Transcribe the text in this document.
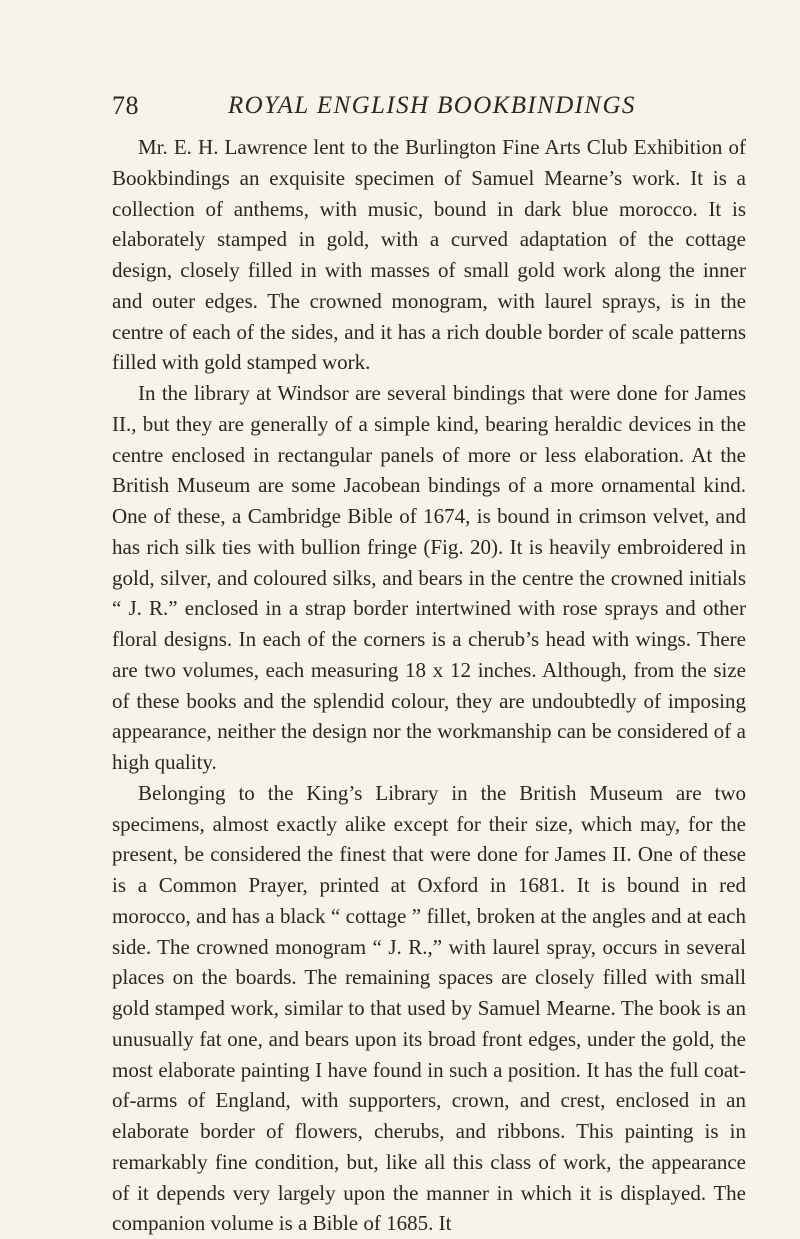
78	ROYAL ENGLISH BOOKBINDINGS

Mr. E. H. Lawrence lent to the Burlington Fine Arts Club Exhibition of Bookbindings an exquisite specimen of Samuel Mearne’s work. It is a collection of anthems, with music, bound in dark blue morocco. It is elaborately stamped in gold, with a curved adaptation of the cottage design, closely filled in with masses of small gold work along the inner and outer edges. The crowned monogram, with laurel sprays, is in the centre of each of the sides, and it has a rich double border of scale patterns filled with gold stamped work.

In the library at Windsor are several bindings that were done for James II., but they are generally of a simple kind, bearing heraldic devices in the centre enclosed in rectangular panels of more or less elaboration. At the British Museum are some Jacobean bindings of a more ornamental kind. One of these, a Cambridge Bible of 1674, is bound in crimson velvet, and has rich silk ties with bullion fringe (Fig. 20). It is heavily embroidered in gold, silver, and coloured silks, and bears in the centre the crowned initials “ J. R.” enclosed in a strap border intertwined with rose sprays and other floral designs. In each of the corners is a cherub’s head with wings. There are two volumes, each measuring 18 x 12 inches. Although, from the size of these books and the splendid colour, they are undoubtedly of imposing appearance, neither the design nor the workmanship can be considered of a high quality.

Belonging to the King’s Library in the British Museum are two specimens, almost exactly alike except for their size, which may, for the present, be considered the finest that were done for James II. One of these is a Common Prayer, printed at Oxford in 1681. It is bound in red morocco, and has a black “ cottage ” fillet, broken at the angles and at each side. The crowned monogram “ J. R.,” with laurel spray, occurs in several places on the boards. The remaining spaces are closely filled with small gold stamped work, similar to that used by Samuel Mearne. The book is an unusually fat one, and bears upon its broad front edges, under the gold, the most elaborate painting I have found in such a position. It has the full coat-of-arms of England, with supporters, crown, and crest, enclosed in an elaborate border of flowers, cherubs, and ribbons. This painting is in remarkably fine condition, but, like all this class of work, the appearance of it depends very largely upon the manner in which it is displayed. The companion volume is a Bible of 1685. It
